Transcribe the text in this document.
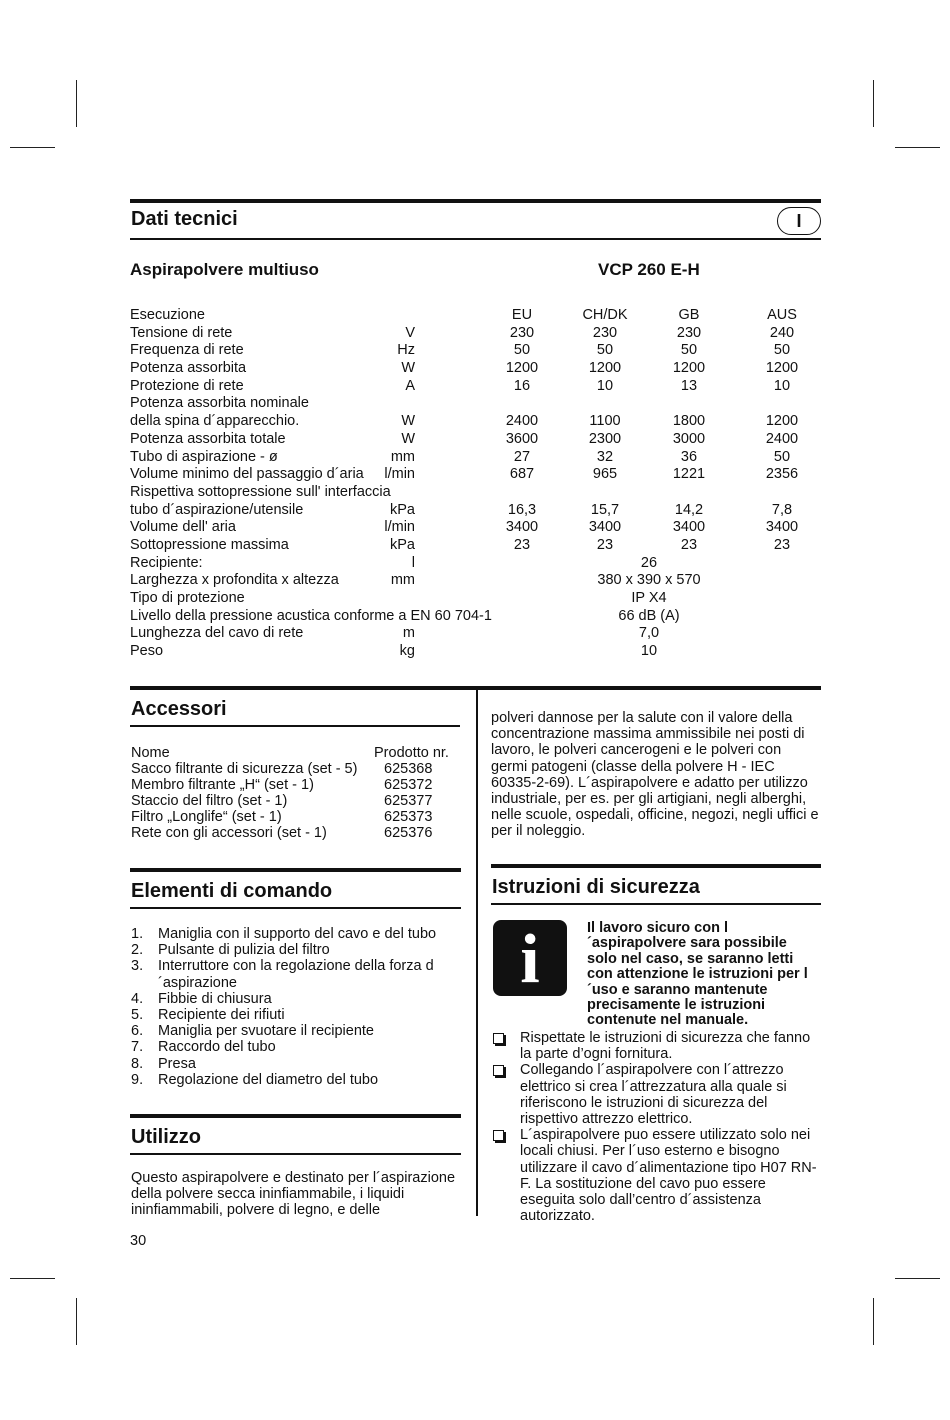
Dati tecnici	I
Aspirapolvere multiuso	VCP 260 E-H
Esecuzione	EU	CH/DK	GB	AUS
Tensione di rete	V	230	230	230	240
Frequenza di rete	Hz	50	50	50	50
Potenza assorbita	W	1200	1200	1200	1200
Protezione di rete	A	16	10	13	10
Potenza assorbita nominale
della spina d´apparecchio.	W	2400	1100	1800	1200
Potenza assorbita totale	W	3600	2300	3000	2400
Tubo di aspirazione - ø	mm	27	32	36	50
Volume minimo del passaggio d´aria	l/min	687	965	1221	2356
Rispettiva sottopressione sull' interfaccia
tubo d´aspirazione/utensile	kPa	16,3	15,7	14,2	7,8
Volume dell' aria	l/min	3400	3400	3400	3400
Sottopressione massima	kPa	23	23	23	23
Recipiente:	l	26
Larghezza x profondita x altezza	mm	380 x 390 x 570
Tipo di protezione	IP X4
Livello della pressione acustica conforme a EN 60 704-1	66 dB (A)
Lunghezza del cavo di rete	m	7,0
Peso	kg	10
Accessori
Nome	Prodotto nr.
Sacco filtrante di sicurezza (set - 5) 625368
Membro filtrante „H“ (set - 1)	625372
Staccio del filtro (set - 1)	625377
Filtro „Longlife“ (set - 1)	625373
Rete con gli accessori (set - 1)	625376
Elementi di comando
1. Maniglia con il supporto del cavo e del tubo
2. Pulsante di pulizia del filtro
3. Interruttore con la regolazione della forza d´aspirazione
4. Fibbie di chiusura
5. Recipiente dei rifiuti
6. Maniglia per svuotare il recipiente
7. Raccordo del tubo
8. Presa
9. Regolazione del diametro del tubo
Utilizzo
Questo aspirapolvere e destinato per l´aspirazione della polvere secca ininfiammabile, i liquidi ininfiammabili, polvere di legno, e delle
polveri dannose per la salute con il valore della concentrazione massima ammissibile nei posti di lavoro, le polveri cancerogeni e le polveri con germi patogeni (classe della polvere H - IEC 60335-2-69). L´aspirapolvere e adatto per utilizzo industriale, per es. per gli artigiani, negli alberghi, nelle scuole, ospedali, officine, negozi, negli uffici e per il noleggio.
Istruzioni di sicurezza
i	Il lavoro sicuro con l´aspirapolvere sara possibile solo nel caso, se saranno letti con attenzione le istruzioni per l´uso e saranno mantenute precisamente le istruzioni contenute nel manuale.
Rispettate le istruzioni di sicurezza che fanno la parte d’ogni fornitura.
Collegando l´aspirapolvere con l´attrezzo elettrico si crea l´attrezzatura alla quale si riferiscono le istruzioni di sicurezza del rispettivo attrezzo elettrico.
L´aspirapolvere puo essere utilizzato solo nei locali chiusi. Per l´uso esterno e bisogno utilizzare il cavo d´alimentazione tipo H07 RN-F. La sostituzione del cavo puo essere eseguita solo dall’centro d´assistenza autorizzato.
30
